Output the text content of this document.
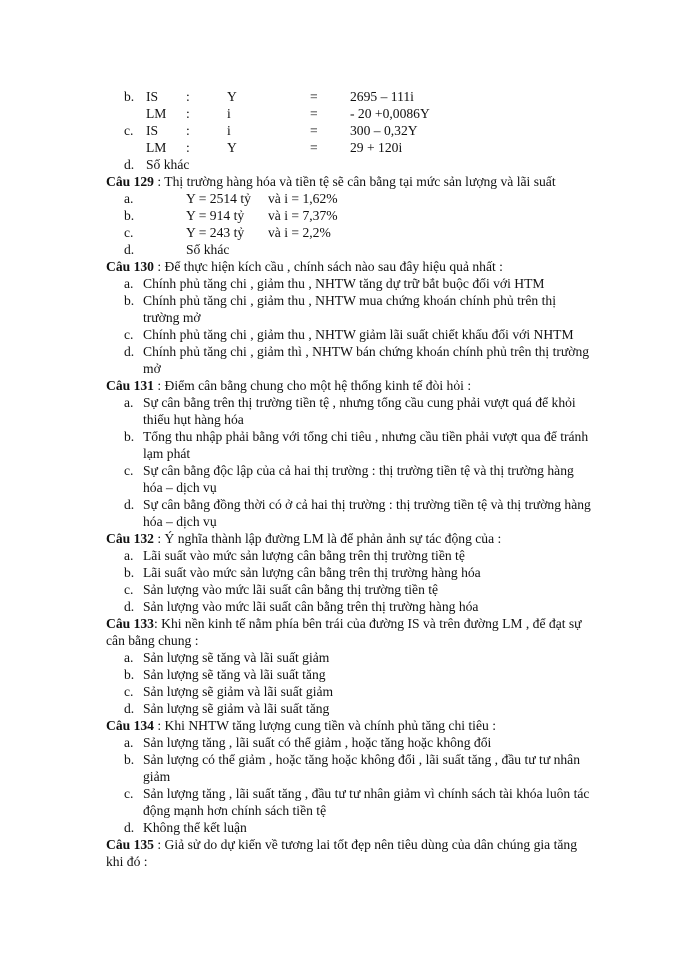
b. IS :	Y	= 2695 – 111i
LM :	i	= - 20 +0,0086Y
c. IS :	i	= 300 – 0,32Y
LM :	Y	= 29 + 120i
d. Số khác
Câu 129 : Thị trường hàng hóa và tiền tệ sẽ cân bằng tại mức sản lượng và lãi suất
a.	Y = 2514 tỷ và i = 1,62%
b.	Y = 914 tỷ và i = 7,37%
c.	Y = 243 tỷ và i = 2,2%
d.	Số khác
Câu 130 : Để thực hiện kích cầu , chính sách nào sau đây hiệu quả nhất :
a. Chính phủ tăng chi , giảm thu , NHTW tăng dự trữ bắt buộc đối với HTM
b. Chính phủ tăng chi , giảm thu , NHTW mua chứng khoán chính phủ trên thị
trường mở
c. Chính phủ tăng chi , giảm thu , NHTW giảm lãi suất chiết khấu đối với NHTM
d. Chính phủ tăng chi , giảm thì , NHTW bán chứng khoán chính phủ trên thị trường
mở
Câu 131 : Điểm cân bằng chung cho một hệ thống kinh tế đòi hỏi :
a. Sự cân bằng trên thị trường tiền tệ , nhưng tổng cầu cung phải vượt quá để khỏi
thiếu hụt hàng hóa
b. Tổng thu nhập phải bằng với tổng chi tiêu , nhưng cầu tiền phải vượt qua để tránh
lạm phát
c. Sự cân bằng độc lập của cả hai thị trường : thị trường tiền tệ và thị trường hàng
hóa – dịch vụ
d. Sự cân bằng đồng thời có ở cả hai thị trường : thị trường tiền tệ và thị trường hàng
hóa – dịch vụ
Câu 132 : Ý nghĩa thành lập đường LM là để phản ảnh sự tác động của :
a. Lãi suất vào mức sản lượng cân bằng trên thị trường tiền tệ
b. Lãi suất vào mức sản lượng cân bằng trên thị trường hàng hóa
c. Sản lượng vào mức lãi suất cân bằng thị trường tiền tệ
d. Sản lượng vào mức lãi suất cân bằng trên thị trường hàng hóa
Câu 133: Khi nền kinh tế nằm phía bên trái của đường IS và trên đường LM , để đạt sự
cân bằng chung :
a. Sản lượng sẽ tăng và lãi suất giảm
b. Sản lượng sẽ tăng và lãi suất tăng
c. Sản lượng sẽ giảm và lãi suất giảm
d. Sản lượng sẽ giảm và lãi suất tăng
Câu 134 : Khi NHTW tăng lượng cung tiền và chính phủ tăng chi tiêu :
a. Sản lượng tăng , lãi suất có thể giảm , hoặc tăng hoặc không đổi
b. Sản lượng có thể giảm , hoặc tăng hoặc không đổi , lãi suất tăng , đầu tư tư nhân
giảm
c. Sản lượng tăng , lãi suất tăng , đầu tư tư nhân giảm vì chính sách tài khóa luôn tác
động mạnh hơn chính sách tiền tệ
d. Không thể kết luận
Câu 135 : Giả sử do dự kiến về tương lai tốt đẹp nên tiêu dùng của dân chúng gia tăng
khi đó :
